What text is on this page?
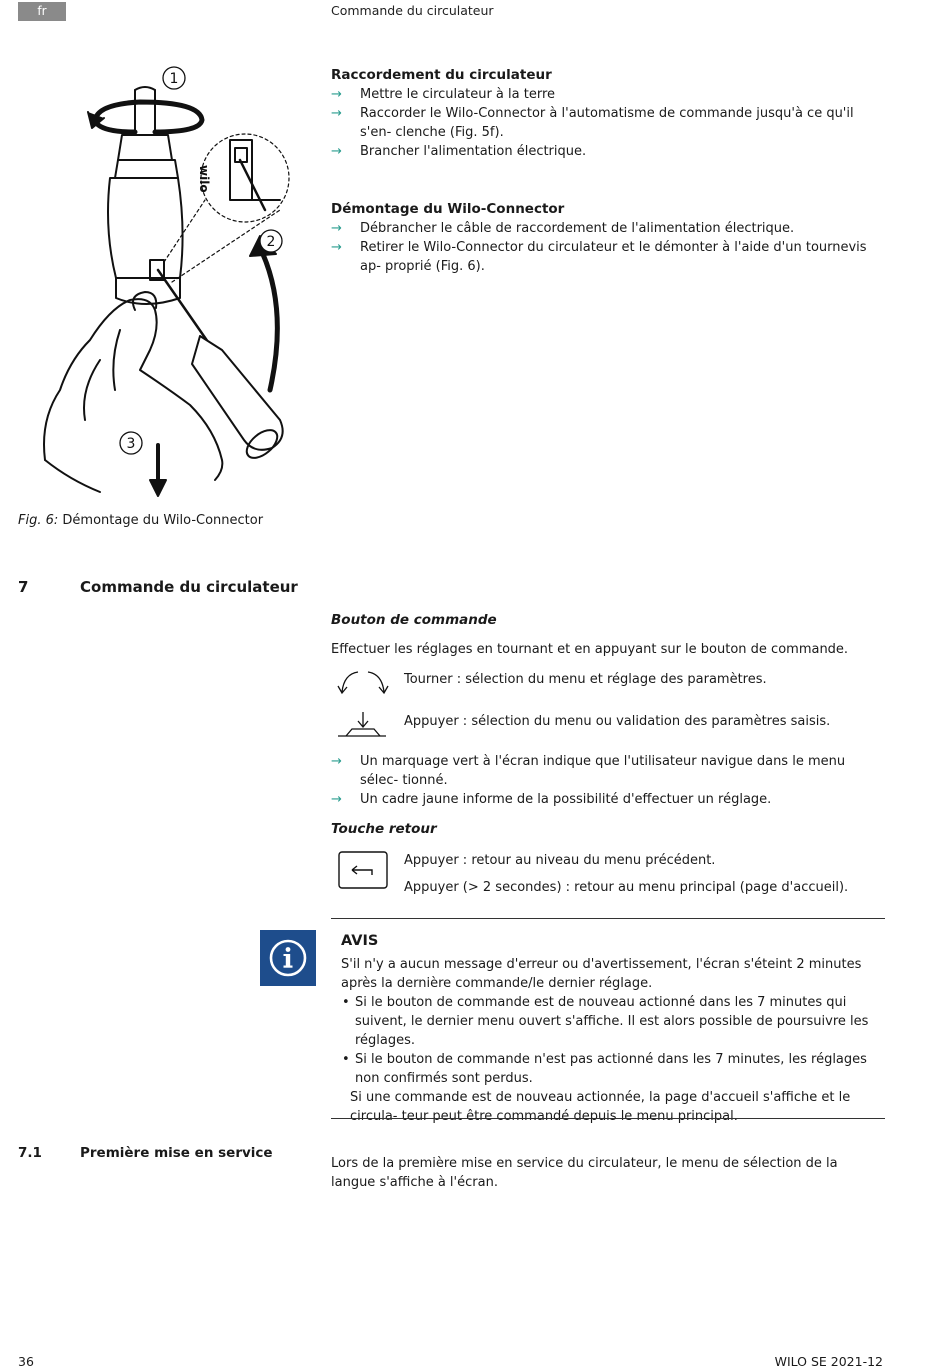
fr	Commande du circulateur
wilo
1
2
3
Fig. 6: Démontage du Wilo-Connector
Raccordement du circulateur
→ Mettre le circulateur à la terre
→ Raccorder le Wilo-Connector à l'automatisme de commande jusqu'à ce qu'il s'en- clenche (Fig. 5f).
→ Brancher l'alimentation électrique.
Démontage du Wilo-Connector
→ Débrancher le câble de raccordement de l'alimentation électrique.
→ Retirer le Wilo-Connector du circulateur et le démonter à l'aide d'un tournevis ap- proprié (Fig. 6).
7	Commande du circulateur
Bouton de commande
Effectuer les réglages en tournant et en appuyant sur le bouton de commande.
Tourner : sélection du menu et réglage des paramètres.
Appuyer : sélection du menu ou validation des paramètres saisis.
→ Un marquage vert à l'écran indique que l'utilisateur navigue dans le menu sélec- tionné.
→ Un cadre jaune informe de la possibilité d'effectuer un réglage.
Touche retour
Appuyer : retour au niveau du menu précédent.
Appuyer (> 2 secondes) : retour au menu principal (page d'accueil).
AVIS
S'il n'y a aucun message d'erreur ou d'avertissement, l'écran s'éteint 2 minutes après la dernière commande/le dernier réglage.
• Si le bouton de commande est de nouveau actionné dans les 7 minutes qui suivent, le dernier menu ouvert s'affiche. Il est alors possible de poursuivre les réglages.
• Si le bouton de commande n'est pas actionné dans les 7 minutes, les réglages non confirmés sont perdus.
Si une commande est de nouveau actionnée, la page d'accueil s'affiche et le circula- teur peut être commandé depuis le menu principal.
7.1	Première mise en service
Lors de la première mise en service du circulateur, le menu de sélection de la langue s'affiche à l'écran.
36	WILO SE 2021-12
